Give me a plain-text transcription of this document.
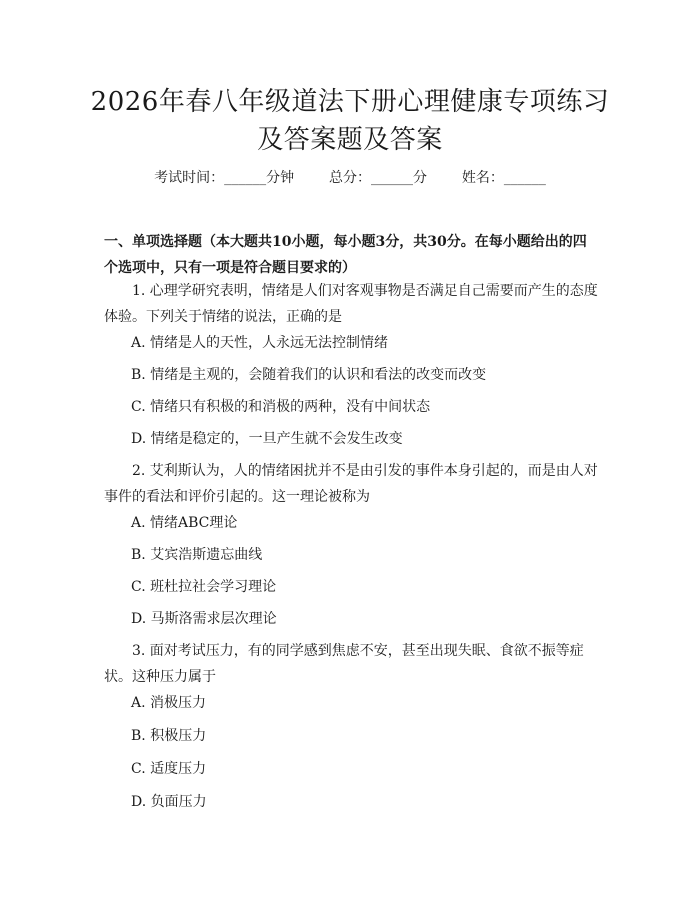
2026年春八年级道法下册心理健康专项练习
及答案题及答案
考试时间：______分钟 总分：______分 姓名：______
一、单项选择题（本大题共10小题，每小题3分，共30分。在每小题给出的四
个选项中，只有一项是符合题目要求的）
1. 心理学研究表明，情绪是人们对客观事物是否满足自己需要而产生的态度
体验。下列关于情绪的说法，正确的是
A. 情绪是人的天性，人永远无法控制情绪
B. 情绪是主观的，会随着我们的认识和看法的改变而改变
C. 情绪只有积极的和消极的两种，没有中间状态
D. 情绪是稳定的，一旦产生就不会发生改变
2. 艾利斯认为，人的情绪困扰并不是由引发的事件本身引起的，而是由人对
事件的看法和评价引起的。这一理论被称为
A. 情绪ABC理论
B. 艾宾浩斯遗忘曲线
C. 班杜拉社会学习理论
D. 马斯洛需求层次理论
3. 面对考试压力，有的同学感到焦虑不安，甚至出现失眠、食欲不振等症
状。这种压力属于
A. 消极压力
B. 积极压力
C. 适度压力
D. 负面压力
